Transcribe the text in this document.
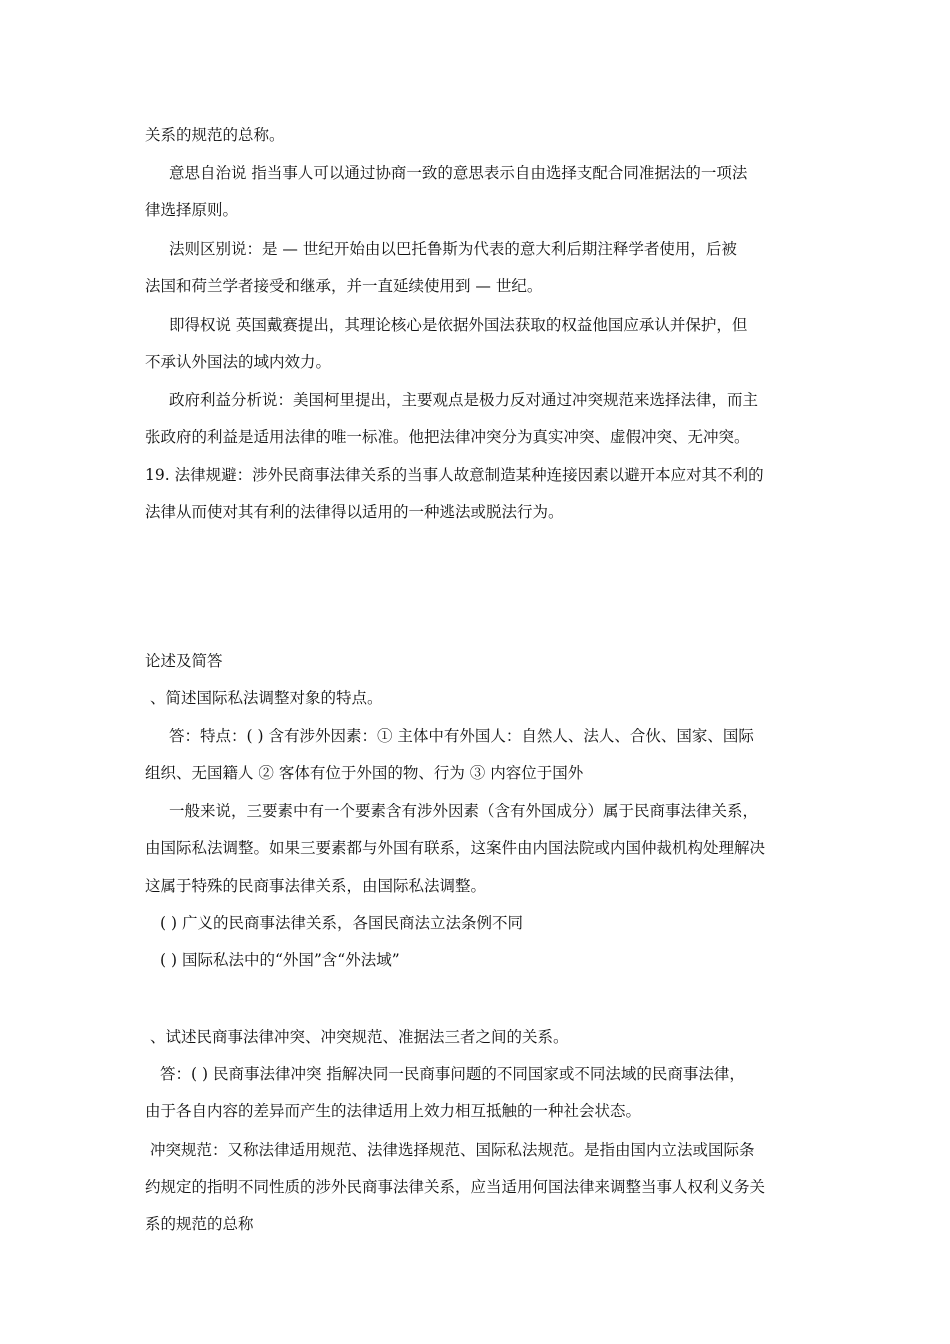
关系的规范的总称。
意思自治说 指当事人可以通过协商一致的意思表示自由选择支配合同准据法的一项法
律选择原则。
法则区别说：是 — 世纪开始由以巴托鲁斯为代表的意大利后期注释学者使用，后被
法国和荷兰学者接受和继承，并一直延续使用到 — 世纪。
即得权说 英国戴赛提出，其理论核心是依据外国法获取的权益他国应承认并保护，但
不承认外国法的域内效力。
政府利益分析说：美国柯里提出，主要观点是极力反对通过冲突规范来选择法律，而主
张政府的利益是适用法律的唯一标准。他把法律冲突分为真实冲突、虚假冲突、无冲突。
19. 法律规避：涉外民商事法律关系的当事人故意制造某种连接因素以避开本应对其不利的
法律从而使对其有利的法律得以适用的一种逃法或脱法行为。
论述及简答
、简述国际私法调整对象的特点。
答：特点：( ) 含有涉外因素：① 主体中有外国人：自然人、法人、合伙、国家、国际
组织、无国籍人 ② 客体有位于外国的物、行为 ③ 内容位于国外
一般来说，三要素中有一个要素含有涉外因素（含有外国成分）属于民商事法律关系，
由国际私法调整。如果三要素都与外国有联系，这案件由内国法院或内国仲裁机构处理解决
这属于特殊的民商事法律关系，由国际私法调整。
( ) 广义的民商事法律关系，各国民商法立法条例不同
( ) 国际私法中的“外国”含“外法域”
、试述民商事法律冲突、冲突规范、准据法三者之间的关系。
答：( ) 民商事法律冲突 指解决同一民商事问题的不同国家或不同法域的民商事法律，
由于各自内容的差异而产生的法律适用上效力相互抵触的一种社会状态。
冲突规范：又称法律适用规范、法律选择规范、国际私法规范。是指由国内立法或国际条
约规定的指明不同性质的涉外民商事法律关系，应当适用何国法律来调整当事人权利义务关
系的规范的总称
